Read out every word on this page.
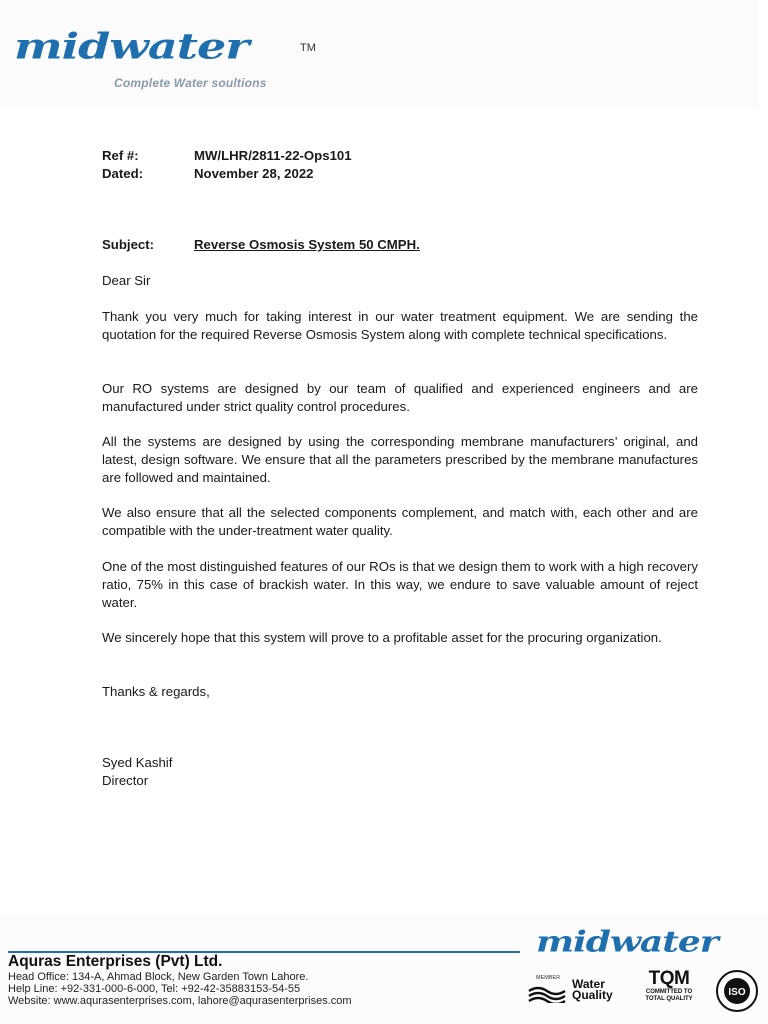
midwater	TM
Complete Water soultions
Ref #:	MW/LHR/2811-22-Ops101
Dated:	November 28, 2022
Subject:	Reverse Osmosis System 50 CMPH.
Dear Sir

Thank you very much for taking interest in our water treatment equipment. We are sending the quotation for the required Reverse Osmosis System along with complete technical specifications.

Our RO systems are designed by our team of qualified and experienced engineers and are manufactured under strict quality control procedures.

All the systems are designed by using the corresponding membrane manufacturers’ original, and latest, design software. We ensure that all the parameters prescribed by the membrane manufactures are followed and maintained.

We also ensure that all the selected components complement, and match with, each other and are compatible with the under-treatment water quality.

One of the most distinguished features of our ROs is that we design them to work with a high recovery ratio, 75% in this case of brackish water. In this way, we endure to save valuable amount of reject water.

We sincerely hope that this system will prove to a profitable asset for the procuring organization.

Thanks & regards,
Syed Kashif
Director
Aquras Enterprises (Pvt) Ltd.
Head Office: 134-A, Ahmad Block, New Garden Town Lahore.
Help Line: +92-331-000-6-000, Tel: +92-42-35883153-54-55
Website: www.aqurasenterprises.com, lahore@aqurasenterprises.com
midwater
MEMBER Water
Quality
TQM
COMMITTED TO
TOTAL QUALITY
ISO
